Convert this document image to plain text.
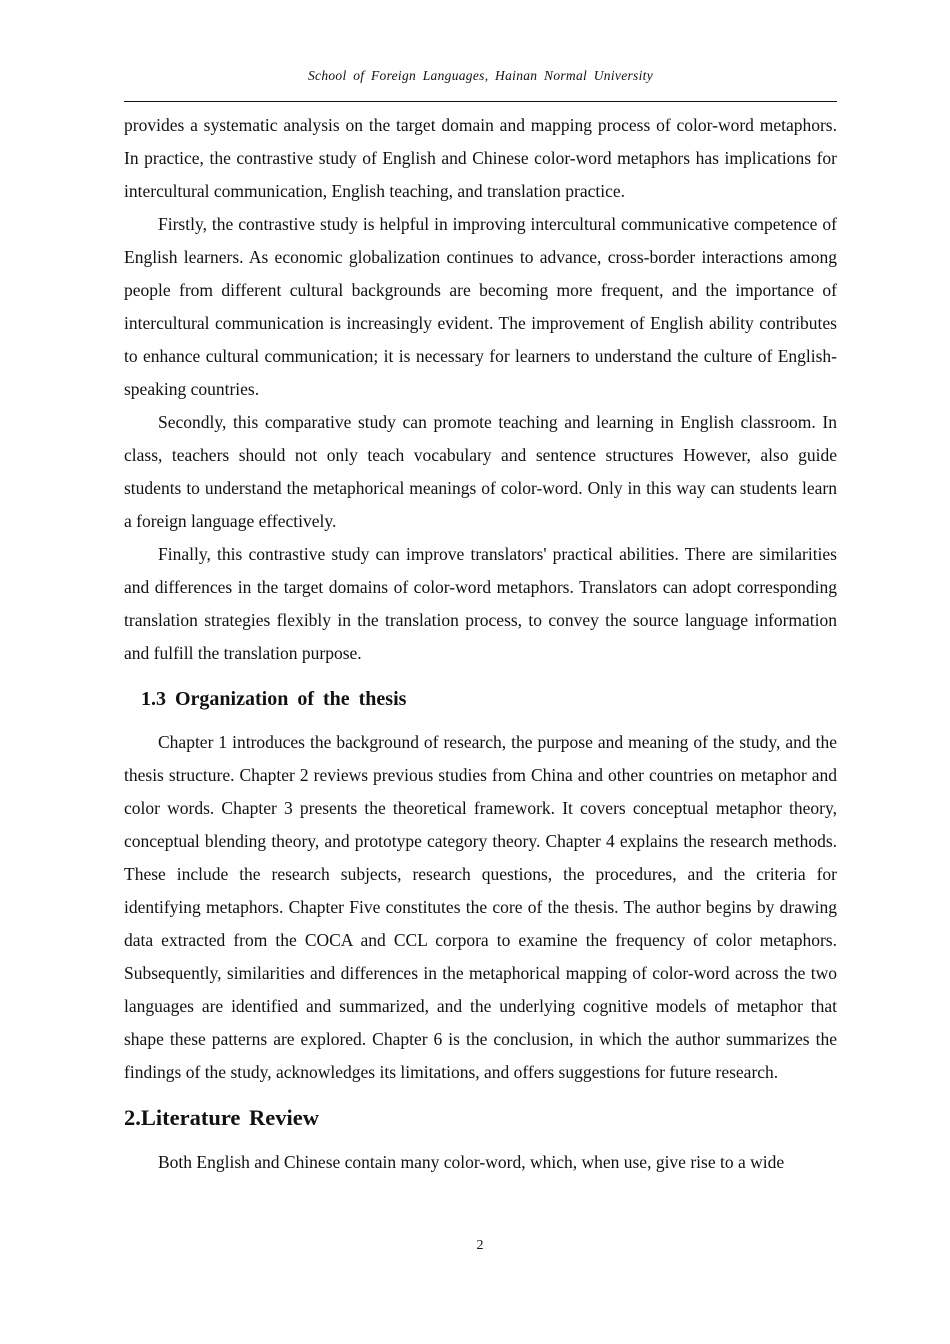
School of Foreign Languages, Hainan Normal University

provides a systematic analysis on the target domain and mapping process of color-word metaphors. In practice, the contrastive study of English and Chinese color-word metaphors has implications for intercultural communication, English teaching, and translation practice.

Firstly, the contrastive study is helpful in improving intercultural communicative competence of English learners. As economic globalization continues to advance, cross-border interactions among people from different cultural backgrounds are becoming more frequent, and the importance of intercultural communication is increasingly evident. The improvement of English ability contributes to enhance cultural communication; it is necessary for learners to understand the culture of English-speaking countries.

Secondly, this comparative study can promote teaching and learning in English classroom. In class, teachers should not only teach vocabulary and sentence structures However, also guide students to understand the metaphorical meanings of color-word. Only in this way can students learn a foreign language effectively.

Finally, this contrastive study can improve translators' practical abilities. There are similarities and differences in the target domains of color-word metaphors. Translators can adopt corresponding translation strategies flexibly in the translation process, to convey the source language information and fulfill the translation purpose.

1.3 Organization of the thesis

Chapter 1 introduces the background of research, the purpose and meaning of the study, and the thesis structure. Chapter 2 reviews previous studies from China and other countries on metaphor and color words. Chapter 3 presents the theoretical framework. It covers conceptual metaphor theory, conceptual blending theory, and prototype category theory. Chapter 4 explains the research methods. These include the research subjects, research questions, the procedures, and the criteria for identifying metaphors. Chapter Five constitutes the core of the thesis. The author begins by drawing data extracted from the COCA and CCL corpora to examine the frequency of color metaphors. Subsequently, similarities and differences in the metaphorical mapping of color-word across the two languages are identified and summarized, and the underlying cognitive models of metaphor that shape these patterns are explored. Chapter 6 is the conclusion, in which the author summarizes the findings of the study, acknowledges its limitations, and offers suggestions for future research.

2.Literature Review

Both English and Chinese contain many color-word, which, when use, give rise to a wide

2
